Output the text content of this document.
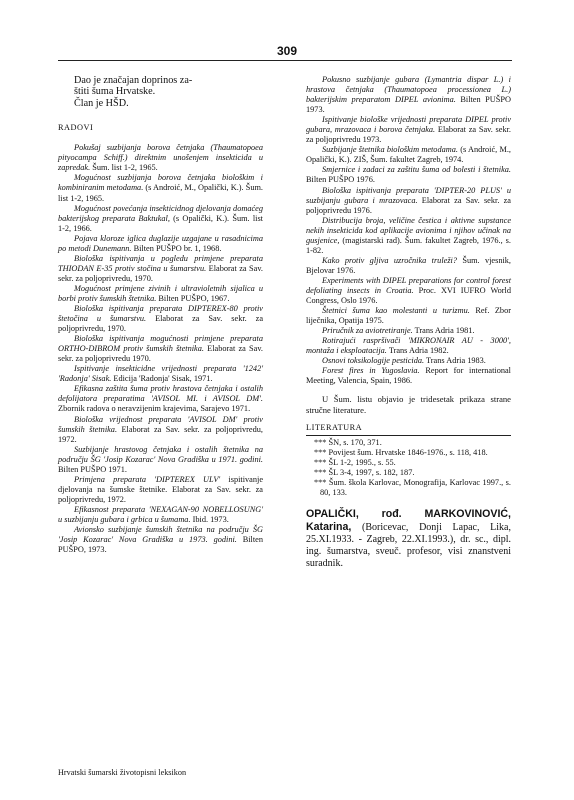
309

Dao je značajan doprinos za-

štiti šuma Hrvatske.

Član je HŠD.

RADOVI

Pokušaj suzbijanja borova četnjaka (Thaumatopoea pityocampa Schiff.) direktnim unošenjem insekticida u zapredak. Šum. list 1-2, 1965.

Mogućnost suzbijanja borova četnjaka biološkim i kombiniranim metodama. (s Androić, M., Opalički, K.). Šum. list 1-2, 1965.

Mogućnost povećanja insekticidnog djelovanja domaćeg bakterijskog preparata Baktukal, (s Opalički, K.). Šum. list 1-2, 1966.

Pojava kloroze iglica duglazije uzgajane u rasadnicima po metodi Dunemann. Bilten PUŠPO br. 1, 1968.

Biološka ispitivanja u pogledu primjene preparata THIODAN E-35 protiv stočina u šumarstvu. Elaborat za Sav. sekr. za poljoprivredu, 1970.

Mogućnost primjene zivinih i ultravioletnih sijalica u borbi protiv šumskih štetnika. Bilten PUŠPO, 1967.

Biološka ispitivanja preparata DIPTEREX-80 protiv štetočina u šumarstvu. Elaborat za Sav. sekr. za poljoprivredu, 1970.

Biološka ispitivanja mogućnosti primjene preparata ORTHO-DIBROM protiv šumskih štetnika. Elaborat za Sav. sekr. za poljoprivredu 1970.

Ispitivanje insekticidne vrijednosti preparata '1242' 'Radonja' Sisak. Edicija 'Radonja' Sisak, 1971.

Efikasna zaštita šuma protiv hrastova četnjaka i ostalih defolijatora preparatima 'AVISOL MI. i AVISOL DM'. Zbornik radova o neravzijenim krajevima, Sarajevo 1971.

Biološka vrijednost preparata 'AVISOL DM' protiv šumskih štetnika. Elaborat za Sav. sekr. za poljoprivredu, 1972.

Suzbijanje hrastovog četnjaka i ostalih štetnika na području ŠG 'Josip Kozarac' Nova Gradiška u 1971. godini. Bilten PUŠPO 1971.

Primjena preparata 'DIPTEREX ULV' ispitivanje djelovanja na šumske štetnike. Elaborat za Sav. sekr. za poljoprivredu, 1972.

Efikasnost preparata 'NEXAGAN-90 NOBELLOSUNG' u suzbijanju gubara i grbica u šumama. Ibid. 1973.

Avionsko suzbijanje šumskih štetnika na području ŠG 'Josip Kozarac' Nova Gradiška u 1973. godini. Bilten PUŠPO, 1973.

Pokusno suzbijanje gubara (Lymantria dispar L.) i hrastova četnjaka (Thaumatopoea processionea L.) bakterijskim preparatom DIPEL avionima. Bilten PUŠPO 1973.

Ispitivanje biološke vrijednosti preparata DIPEL protiv gubara, mrazovaca i borova četnjaka. Elaborat za Sav. sekr. za poljoprivredu 1973.

Suzbijanje štetnika biološkim metodama. (s Androić, M., Opalički, K.). ZIŠ, Šum. fakultet Zagreb, 1974.

Smjernice i zadaci za zaštitu šuma od bolesti i štetnika. Bilten PUŠPO 1976.

Biološka ispitivanja preparata 'DIPTER-20 PLUS' u suzbijanju gubara i mrazovaca. Elaborat za Sav. sekr. za poljoprivredu 1976.

Distribucija broja, veličine čestica i aktivne supstance nekih insekticida kod aplikacije avionima i njihov učinak na gusjenice, (magistarski rad). Šum. fakultet Zagreb, 1976., s. 1-82.

Kako protiv gljiva uzročnika truleži? Šum. vjesnik, Bjelovar 1976.

Experiments with DIPEL preparations for control forest defoliating insects in Croatia. Proc. XVI IUFRO World Congress, Oslo 1976.

Štetnici šuma kao molestanti u turizmu. Ref. Zbor liječnika, Opatija 1975.

Priručnik za aviotretiranje. Trans Adria 1981.

Rotirajući raspršivači 'MIKRONAIR AU - 3000', montaža i eksploatacija. Trans Adria 1982.

Osnovi toksikologije pesticida. Trans Adria 1983.

Forest fires in Yugoslavia. Report for international Meeting, Valencia, Spain, 1986.

U Šum. listu objavio je tridesetak prikaza strane stručne literature.

LITERATURA

*** ŠN, s. 170, 371.

*** Povijest šum. Hrvatske 1846-1976., s. 118, 418.

*** ŠL 1-2, 1995., s. 55.

*** ŠL 3-4, 1997, s. 182, 187.

*** Šum. škola Karlovac, Monografija, Karlovac 1997., s. 80, 133.

OPALIČKI, rođ. MARKOVINOVIĆ, Katarina, (Boricevac, Donji Lapac, Lika, 25.XI.1933. - Zagreb, 22.XI.1993.), dr. sc., dipl. ing. šumarstva, sveuč. profesor, visi znanstveni suradnik.

Hrvatski šumarski životopisni leksikon
